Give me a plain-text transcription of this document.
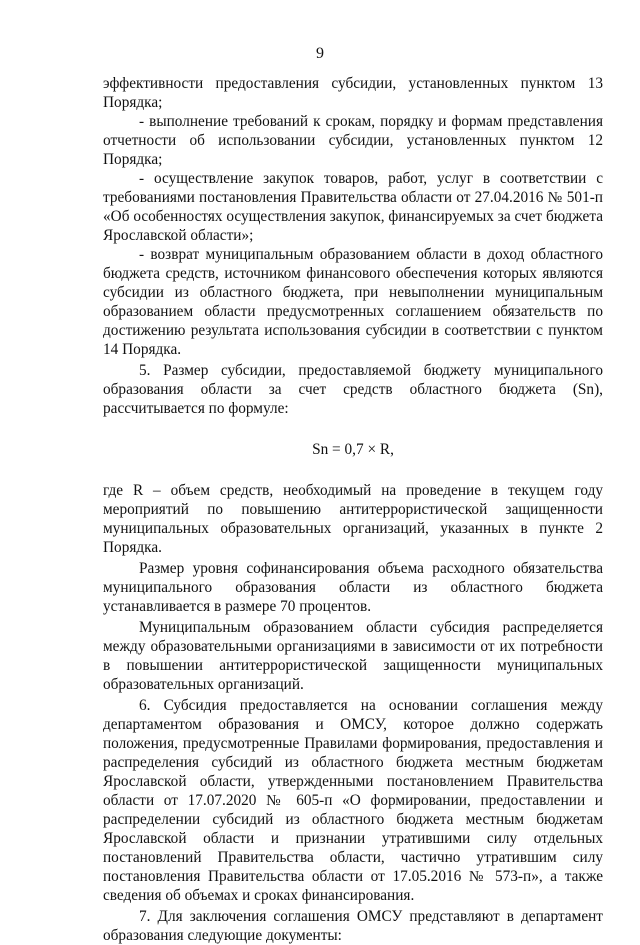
9

эффективности предоставления субсидии, установленных пунктом 13 Порядка;

- выполнение требований к срокам, порядку и формам представления отчетности об использовании субсидии, установленных пунктом 12 Порядка;

- осуществление закупок товаров, работ, услуг в соответствии с требованиями постановления Правительства области от 27.04.2016 № 501-п «Об особенностях осуществления закупок, финансируемых за счет бюджета Ярославской области»;

- возврат муниципальным образованием области в доход областного бюджета средств, источником финансового обеспечения которых являются субсидии из областного бюджета, при невыполнении муниципальным образованием области предусмотренных соглашением обязательств по достижению результата использования субсидии в соответствии с пунктом 14 Порядка.

5. Размер субсидии, предоставляемой бюджету муниципального образования области за счет средств областного бюджета (Sn), рассчитывается по формуле:

Sn = 0,7 × R,

где R – объем средств, необходимый на проведение в текущем году мероприятий по повышению антитеррористической защищенности муниципальных образовательных организаций, указанных в пункте 2 Порядка.

Размер уровня софинансирования объема расходного обязательства муниципального образования области из областного бюджета устанавливается в размере 70 процентов.

Муниципальным образованием области субсидия распределяется между образовательными организациями в зависимости от их потребности в повышении антитеррористической защищенности муниципальных образовательных организаций.

6. Субсидия предоставляется на основании соглашения между департаментом образования и ОМСУ, которое должно содержать положения, предусмотренные Правилами формирования, предоставления и распределения субсидий из областного бюджета местным бюджетам Ярославской области, утвержденными постановлением Правительства области от 17.07.2020 № 605-п «О формировании, предоставлении и распределении субсидий из областного бюджета местным бюджетам Ярославской области и признании утратившими силу отдельных постановлений Правительства области, частично утратившим силу постановления Правительства области от 17.05.2016 № 573-п», а также сведения об объемах и сроках финансирования.

7. Для заключения соглашения ОМСУ представляют в департамент образования следующие документы:
